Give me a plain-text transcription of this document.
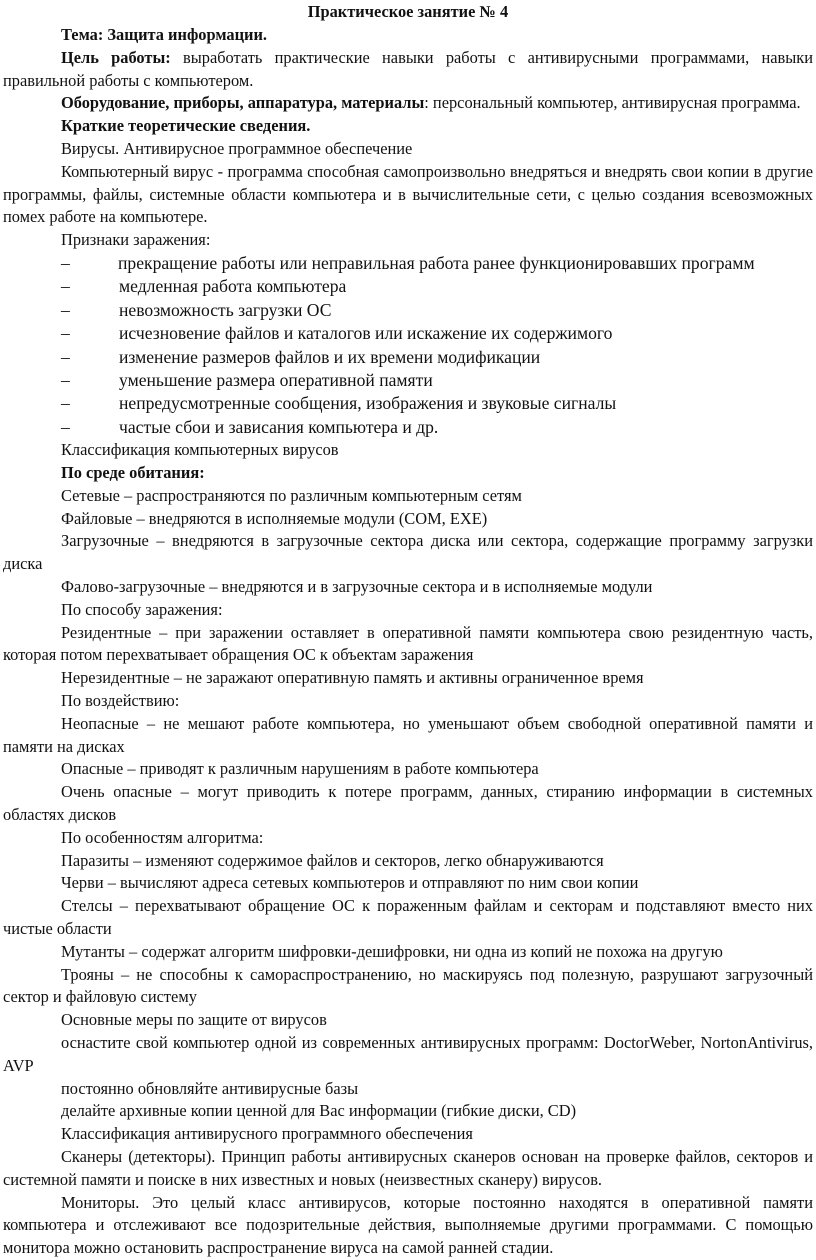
Практическое занятие № 4

Тема: Защита информации.

Цель работы: выработать практические навыки работы с антивирусными программами, навыки правильной работы с компьютером.

Оборудование, приборы, аппаратура, материалы: персональный компьютер, антивирусная программа.

Краткие теоретические сведения.

Вирусы. Антивирусное программное обеспечение

Компьютерный вирус - программа способная самопроизвольно внедряться и внедрять свои копии в другие программы, файлы, системные области компьютера и в вычислительные сети, с целью создания всевозможных помех работе на компьютере.

Признаки заражения:

–	прекращение работы или неправильная работа ранее функционировавших программ

–	медленная работа компьютера

–	невозможность загрузки ОС

–	исчезновение файлов и каталогов или искажение их содержимого

–	изменение размеров файлов и их времени модификации

–	уменьшение размера оперативной памяти

–	непредусмотренные сообщения, изображения и звуковые сигналы

–	частые сбои и зависания компьютера и др.

Классификация компьютерных вирусов

По среде обитания:

Сетевые – распространяются по различным компьютерным сетям

Файловые – внедряются в исполняемые модули (COM, EXE)

Загрузочные – внедряются в загрузочные сектора диска или сектора, содержащие программу загрузки диска

Фалово-загрузочные – внедряются и в загрузочные сектора и в исполняемые модули

По способу заражения:

Резидентные – при заражении оставляет в оперативной памяти компьютера свою резидентную часть, которая потом перехватывает обращения ОС к объектам заражения

Нерезидентные – не заражают оперативную память и активны ограниченное время

По воздействию:

Неопасные – не мешают работе компьютера, но уменьшают объем свободной оперативной памяти и памяти на дисках

Опасные – приводят к различным нарушениям в работе компьютера

Очень опасные – могут приводить к потере программ, данных, стиранию информации в системных областях дисков

По особенностям алгоритма:

Паразиты – изменяют содержимое файлов и секторов, легко обнаруживаются

Черви – вычисляют адреса сетевых компьютеров и отправляют по ним свои копии

Стелсы – перехватывают обращение ОС к пораженным файлам и секторам и подставляют вместо них чистые области

Мутанты – содержат алгоритм шифровки-дешифровки, ни одна из копий не похожа на другую

Трояны – не способны к самораспространению, но маскируясь под полезную, разрушают загрузочный сектор и файловую систему

Основные меры по защите от вирусов

оснастите свой компьютер одной из современных антивирусных программ: DoctorWeber, NortonAntivirus, AVP

постоянно обновляйте антивирусные базы

делайте архивные копии ценной для Вас информации (гибкие диски, CD)

Классификация антивирусного программного обеспечения

Сканеры (детекторы). Принцип работы антивирусных сканеров основан на проверке файлов, секторов и системной памяти и поиске в них известных и новых (неизвестных сканеру) вирусов.

Мониторы. Это целый класс антивирусов, которые постоянно находятся в оперативной памяти компьютера и отслеживают все подозрительные действия, выполняемые другими программами. С помощью монитора можно остановить распространение вируса на самой ранней стадии.
